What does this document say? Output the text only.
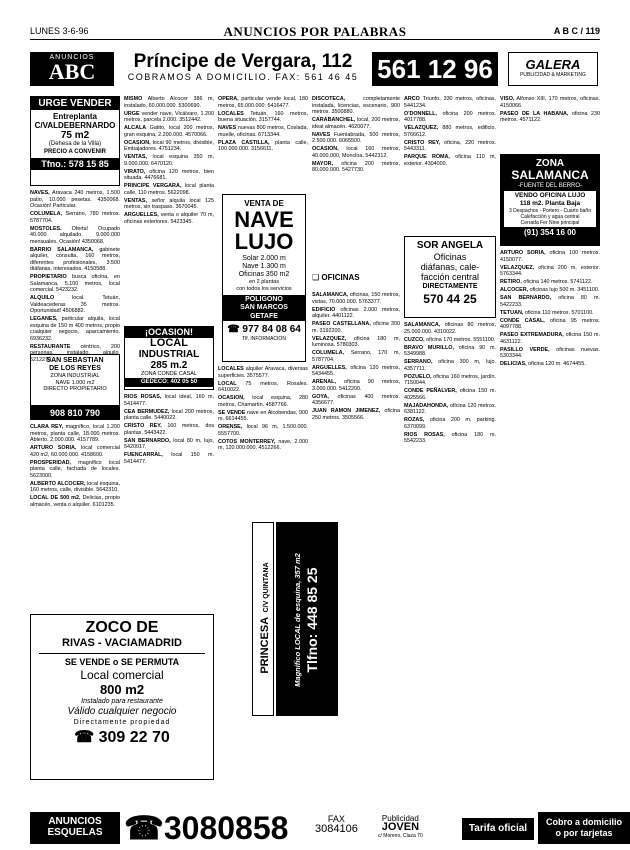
LUNES 3-6-96	ANUNCIOS POR PALABRAS	A B C / 119
ANUNCIOS
ABC	Príncipe de Vergara, 112
COBRAMOS A DOMICILIO. FAX: 561 46 45 561 12 96	GALERA
PUBLICIDAD & MARKETING
URGE VENDER
Entreplanta
C/VALDEBERNARDO
75 m2
(Dehesa de la Villa)
PRECIO A CONVENIR
Tfno.: 578 15 85

NAVES, Aravaca 240 metros, 1.500 patio, 10.000 pesetas. 4350068. Ocasión! Particular.

COLUMELA, Serrano, 780 metros. 5787704.

MOSTOLES. Oferta! Ocupado 40.000 alquilado. 9.000.000 mensuales. Ocasión! 4350068.

BARRIO SALAMANCA, gabinete alquiler, consulta, 160 metros, diferentes profesionales, 3.500 diáfanas, interesados. 4150588.

PROPIETARIO busca oficina, en Salamanca, 5.100 metros, local comercial. 5423232.

ALQUILO	local. Tetuán, Valdeacederas 35 metros. Oportunidad! 4506882.

LEGANES, particular alquila, local esquina de 150 m 400 metros, propio cualquier negocio, aparcamiento. 6936232.

RESTAURANTE céntrico, 200 personas, instalado, alquilo. 5212270.

SAN SEBASTIAN
DE LOS REYES
ZONA INDUSTRIAL
NAVE 1.000 m2
DIRECTO PROPIETARIO
908 810 790

CLARA REY, magnífico, local 1.200 metros, planta calle, 18.000 metros. Abierto. 2.000.000. 4157789.

ARTURO SORIA, local comercial 420 m2, 60.000.000. 4158600.

PROSPERIDAD, magnífico local planta calle, fachada de locales. 5623000.

ALBERTO ALCOCER, local esquina, 160 metros, calle, divisible. 5642310.

LOCAL DE 500 m2, Delicias, propio almacén, venta o alquiler. 6101235.

ZOCO DE
RIVAS - VACIAMADRID
SE VENDE o SE PERMUTA
Local comercial
800 m2
Instalado para restaurante
Válido cualquier negocio
Directamente propiedad
☎ 309 22 70

MISMO Alberto Alcocer 386 m, instalado, 60.000.000. 5300690.

URGE vender nave, Vicálvaro, 1.200 metros, parcela 2.000. 3512442.

ALCALA Gatito, local 200 metros, gran esquina, 2.200.000. 4570066.

OCASION, local 90 metros, divisible, Embajadores. 4751234.

VENTAS, local esquina 350 m, 9.000.000. 6470120.

VIRATO, oficina 120 metros, bien situada. 4476681.

PRINCIPE VERGARA, local planta calle, 110 metros. 5622098.

VENTAS, señor alquila local 125 metros, sin traspaso. 3670045.

ARGUELLES, venta o alquiler 70 m, oficinas exteriores. 5423345.

¡OCASION!
LOCAL
INDUSTRIAL
285 m.2
ZONA CONDE CASAL
GEDECO: 402 05 50

RIOS ROSAS, local ideal, 160 m, 5414477.

CEA BERMUDEZ, local 200 metros, planta calle. 5440022.

CRISTO REY, 160 metros, dos plantas. 5443422.

SAN BERNARDO, local 80 m, lujo, 5420017.

FUENCARRAL, local 150 m. 5414477.

OPERA, particular vende local, 180 metros, 65.000.000. 5416477.

LOCALES Tetuán, 160 metros, buena situación. 3157744.

NAVES nuevas 800 metros, Coslada, muelle, oficinas. 6713344.

PLAZA CASTILLA, planta calle, 100.000.000. 3156611.

VENTA DE
NAVE
LUJO
Solar 2.000 m
Nave 1.300 m
Oficinas 350 m2
en 2 plantas
con todos los servicios
POLIGONO
SAN MARCOS
GETAFE
☎ 977 84 08 64
Tlf. INFORMACION

LOCALES alquiler Aravaca, diversas superficies. 3575577.

LOCAL 75 metros, Rosales. 6410022.

OCASION, local esquina, 280 metros, Chamartín. 4587766.

SE VENDE nave en Alcobendas, 900 m. 6614455.

ORENSE, local 96 m, 1.500.000. 5557700.

COTOS MONTERREY, nave, 2.000 m, 120.000.000. 4512266.

PRINCESA C/V QUINTANA	Magnífico LOCAL de esquina, 357 m2 Tlfno: 448 85 25

DISCOTECA,	completamente instalada, licencias, escenario, 900 metros. 3500880.

CARABANCHEL, local, 200 metros, ideal almacén. 4620077.

NAVES Fuenlabrada, 500 metros, 2.500.000. 6065500.

OCASION, local 160 metros, 40.000.000, Moncloa. 5442312.

MAYOR, oficina 200 metros, 80.000.000. 5427730.

❑ OFICINAS

SALAMANCA, oficinas, 150 metros, vistas, 70.000.000. 5763377.

EDIFICIO oficinas 2.000 metros, alquiler. 4401122.

PASEO CASTELLANA, oficina 300 m. 3192200.

VELAZQUEZ, oficina 180 m, luminosa. 5780303.

COLUMELA, Serrano, 170 m, 5787704.

ARGUELLES, oficina 120 metros, 5434455.

ARENAL, oficina 90 metros, 3.000.000. 5412200.

GOYA, oficinas 400 metros. 4356677.

JUAN RAMON JIMENEZ, oficina 250 metros. 3505566.

ARCO Triunfo, 330 metros, oficinas. 5441234.

O'DONNELL, oficina 200 metros. 4017788.

VELAZQUEZ, 880 metros, edificio. 5766612.

CRISTO REY, oficina, 220 metros. 5443311.

PARQUE ROMA, oficina 110 m, exterior. 4304000.

SOR ANGELA
Oficinas
diáfanas, cale-
facción central
DIRECTAMENTE
570 44 25

SALAMANCA, oficinas 80 metros, 25.000.000. 4310022.

CUZCO, oficina 170 metros. 5551100.

BRAVO MURILLO, oficina 90 m. 5349988.

SERRANO, oficina 300 m, lujo. 4357711.

POZUELO, oficina 160 metros, jardín. 7150044.

CONDE PEÑALVER, oficina 150 m. 4025566.

MAJADAHONDA, oficina 120 metros. 6381122.

ROZAS, oficina 200 m, parking. 6370099.

RIOS ROSAS, oficina 180 m. 5542233.

VISO, Alfonso XIII, 170 metros, oficinas. 4150066.

PASEO DE LA HABANA, oficina 230 metros. 4571122.

ZONA
SALAMANCA
-FUENTE DEL BERRO-
VENDO OFICINA LUJO
118 m2. Planta Baja
3 Despachos - Portero - Cuarto baño
Calefacción y agua central
Cerrada Fer Nine principal
(91) 354 16 00

ARTURO SORIA, oficina 100 metros. 4150077.

VELAZQUEZ, oficina 200 m, exterior. 5763344.

RETIRO, oficina 140 metros. 5741122.

ALCOCER, oficinas lujo 500 m. 3451100.

SAN BERNARDO, oficina 80 m. 5422233.

TETUAN, oficina 110 metros. 5701100.

CONDE CASAL, oficina 95 metros. 4097788.

PASEO EXTREMADURA, oficina 150 m. 4631122.

PASILLO VERDE, oficinas nuevas. 5303344.

DELICIAS, oficina 120 m. 4674455.

ANUNCIOS
ESQUELAS ☎3080858	FAX
3084106
Publicidad
JOVEN
c/ Moreno, Claza 70
Tarifa oficial
Cobro a domicilio
o por tarjetas
